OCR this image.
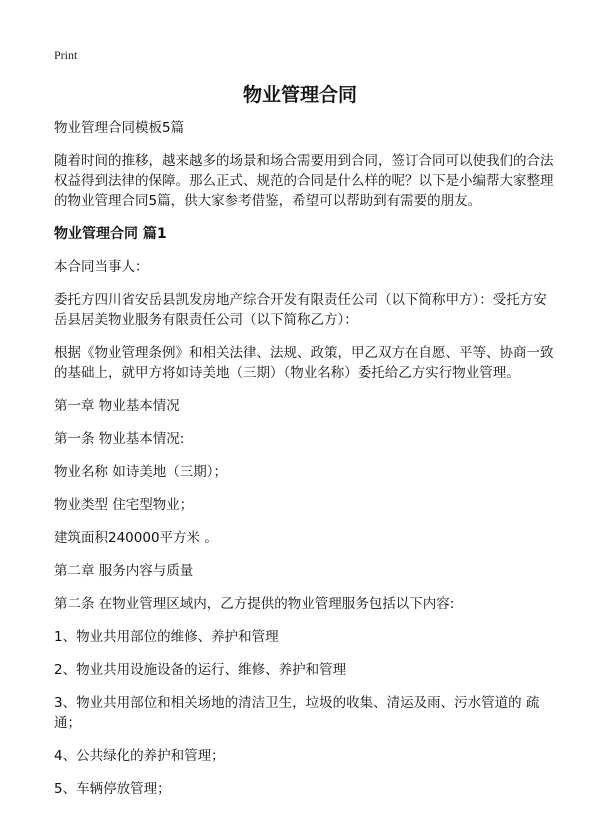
Print

物业管理合同

物业管理合同模板5篇

随着时间的推移，越来越多的场景和场合需要用到合同，签订合同可以使我们的合法权益得到法律的保障。那么正式、规范的合同是什么样的呢？以下是小编帮大家整理的物业管理合同5篇，供大家参考借鉴，希望可以帮助到有需要的朋友。

物业管理合同 篇1

本合同当事人：

委托方四川省安岳县凯发房地产综合开发有限责任公司（以下简称甲方）：受托方安岳县居美物业服务有限责任公司（以下简称乙方）：

根据《物业管理条例》和相关法律、法规、政策，甲乙双方在自愿、平等、协商一致的基础上，就甲方将如诗美地（三期）（物业名称）委托给乙方实行物业管理。

第一章 物业基本情况

第一条 物业基本情况:

物业名称 如诗美地（三期）；

物业类型 住宅型物业；

建筑面积240000平方米 。

第二章 服务内容与质量

第二条 在物业管理区域内，乙方提供的物业管理服务包括以下内容:

1、物业共用部位的维修、养护和管理

2、物业共用设施设备的运行、维修、养护和管理

3、物业共用部位和相关场地的清洁卫生，垃圾的收集、清运及雨、污水管道的 疏通；

4、公共绿化的养护和管理；

5、车辆停放管理；
